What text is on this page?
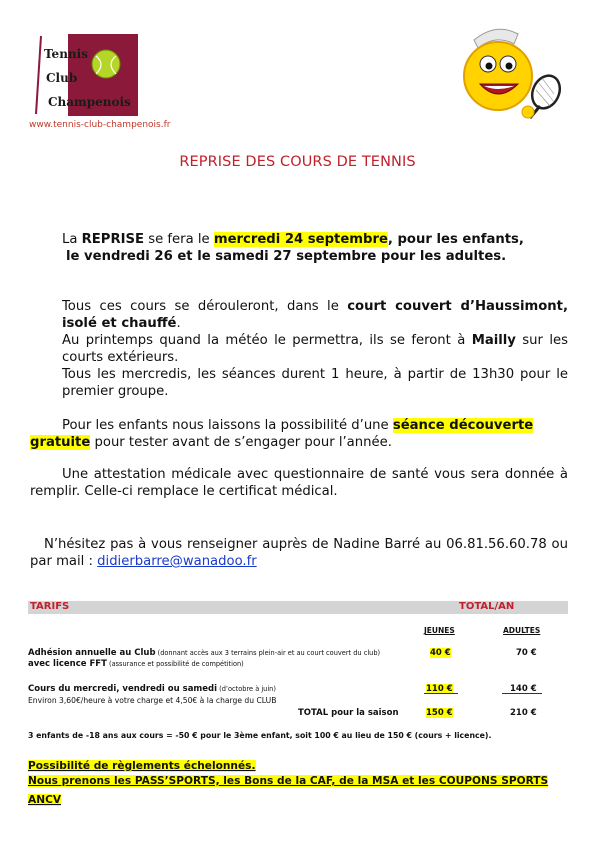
Tennis
Club
Champenois
www.tennis-club-champenois.fr
REPRISE DES COURS DE TENNIS
La REPRISE se fera le mercredi 24 septembre, pour les enfants,
le vendredi 26 et le samedi 27 septembre pour les adultes.
Tous ces cours se dérouleront, dans le court couvert d’Haussimont, isolé et chauffé.
Au printemps quand la météo le permettra, ils se feront à Mailly sur les courts extérieurs.
Tous les mercredis, les séances durent 1 heure, à partir de 13h30 pour le premier groupe.
Pour les enfants nous laissons la possibilité d’une séance découverte gratuite pour tester avant de s’engager pour l’année.
Une attestation médicale avec questionnaire de santé vous sera donnée à remplir. Celle-ci remplace le certificat médical.
N’hésitez pas à vous renseigner auprès de Nadine Barré au 06.81.56.60.78 ou par mail : didierbarre@wanadoo.fr
TARIFS	TOTAL/AN
JEUNES	ADULTES
Adhésion annuelle au Club (donnant accès aux 3 terrains plein-air et au court couvert du club)
avec licence FFT (assurance et possibilité de compétition)
40 €	70 €
Cours du mercredi, vendredi ou samedi (d’octobre à juin)
Environ 3,60€/heure à votre charge et 4,50€ à la charge du CLUB
110 €	140 €
TOTAL pour la saison	150 €	210 €
3 enfants de -18 ans aux cours = -50 € pour le 3ème enfant, soit 100 € au lieu de 150 € (cours + licence).
Possibilité de règlements échelonnés.
Nous prenons les PASS’SPORTS, les Bons de la CAF, de la MSA et les COUPONS SPORTS ANCV
